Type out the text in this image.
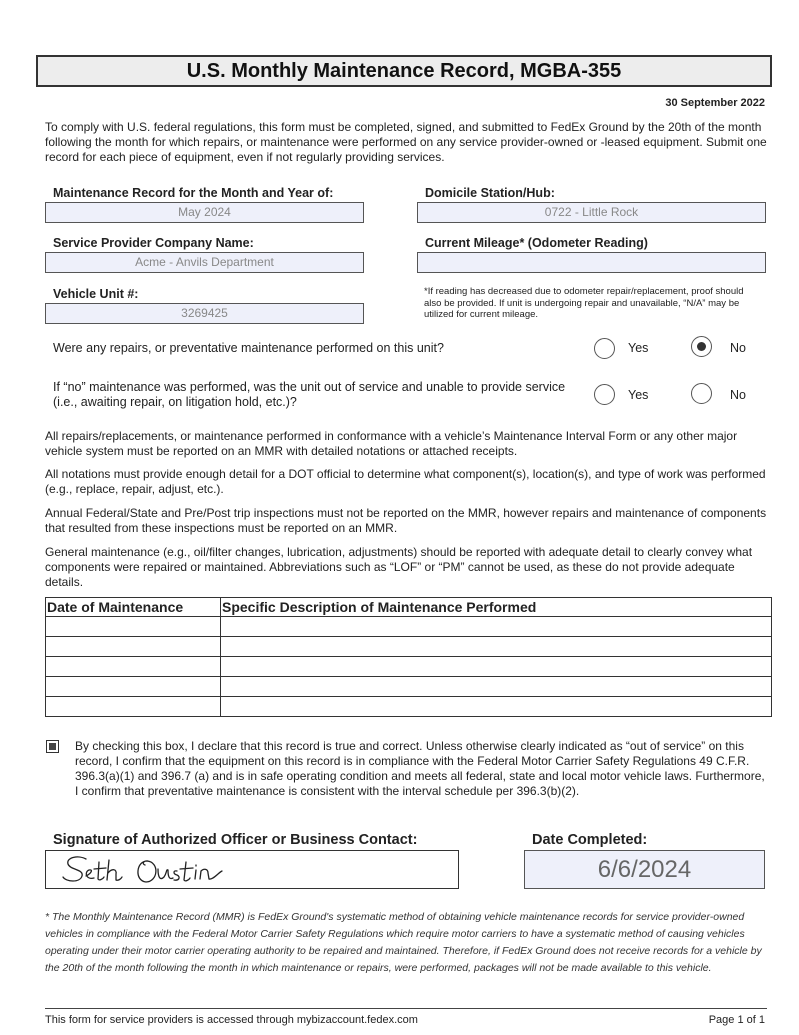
U.S. Monthly Maintenance Record, MGBA-355
30 September 2022
To comply with U.S. federal regulations, this form must be completed, signed, and submitted to FedEx Ground by the 20th of the month following the month for which repairs, or maintenance were performed on any service provider-owned or -leased equipment. Submit one record for each piece of equipment, even if not regularly providing services.
Maintenance Record for the Month and Year of:
May 2024
Domicile Station/Hub:
0722 - Little Rock
Service Provider Company Name:
Acme - Anvils Department
Current Mileage* (Odometer Reading)
Vehicle Unit #:
3269425
*If reading has decreased due to odometer repair/replacement, proof should also be provided. If unit is undergoing repair and unavailable, “N/A” may be utilized for current mileage.
Were any repairs, or preventative maintenance performed on this unit?	Yes	No
If “no” maintenance was performed, was the unit out of service and unable to provide service (i.e., awaiting repair, on litigation hold, etc.)?	Yes	No
All repairs/replacements, or maintenance performed in conformance with a vehicle’s Maintenance Interval Form or any other major vehicle system must be reported on an MMR with detailed notations or attached receipts.
All notations must provide enough detail for a DOT official to determine what component(s), location(s), and type of work was performed (e.g., replace, repair, adjust, etc.).
Annual Federal/State and Pre/Post trip inspections must not be reported on the MMR, however repairs and maintenance of components that resulted from these inspections must be reported on an MMR.
General maintenance (e.g., oil/filter changes, lubrication, adjustments) should be reported with adequate detail to clearly convey what components were repaired or maintained. Abbreviations such as “LOF” or “PM” cannot be used, as these do not provide adequate details.
Date of Maintenance	Specific Description of Maintenance Performed

By checking this box, I declare that this record is true and correct. Unless otherwise clearly indicated as “out of service” on this record, I confirm that the equipment on this record is in compliance with the Federal Motor Carrier Safety Regulations 49 C.F.R. 396.3(a)(1) and 396.7 (a) and is in safe operating condition and meets all federal, state and local motor vehicle laws. Furthermore, I confirm that preventative maintenance is consistent with the interval schedule per 396.3(b)(2).
Signature of Authorized Officer or Business Contact:	Date Completed:
6/6/2024
* The Monthly Maintenance Record (MMR) is FedEx Ground's systematic method of obtaining vehicle maintenance records for service provider-owned vehicles in compliance with the Federal Motor Carrier Safety Regulations which require motor carriers to have a systematic method of causing vehicles operating under their motor carrier operating authority to be repaired and maintained. Therefore, if FedEx Ground does not receive records for a vehicle by the 20th of the month following the month in which maintenance or repairs, were performed, packages will not be made available to this vehicle.
This form for service providers is accessed through mybizaccount.fedex.com	Page 1 of 1
